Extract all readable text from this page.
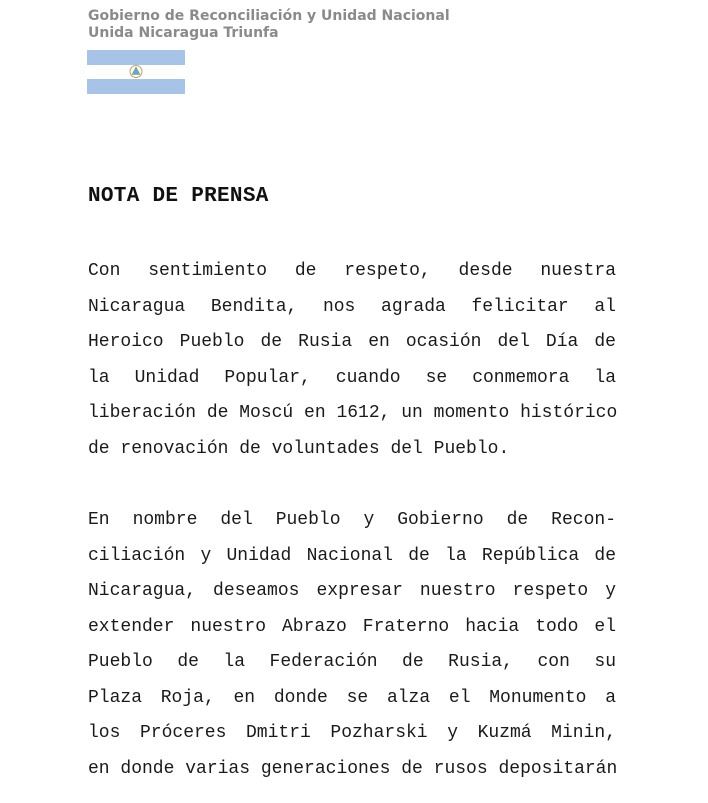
Gobierno de Reconciliación y Unidad Nacional
Unida Nicaragua Triunfa
NOTA DE PRENSA
Con sentimiento de respeto, desde nuestra
Nicaragua Bendita, nos agrada felicitar al
Heroico Pueblo de Rusia en ocasión del Día de
la Unidad Popular, cuando se conmemora la
liberación de Moscú en 1612, un momento histórico
de renovación de voluntades del Pueblo.
En nombre del Pueblo y Gobierno de Recon-
ciliación y Unidad Nacional de la República de
Nicaragua, deseamos expresar nuestro respeto y
extender nuestro Abrazo Fraterno hacia todo el
Pueblo de la Federación de Rusia, con su
Plaza Roja, en donde se alza el Monumento a
los Próceres Dmitri Pozharski y Kuzmá Minin,
en donde varias generaciones de rusos depositarán
